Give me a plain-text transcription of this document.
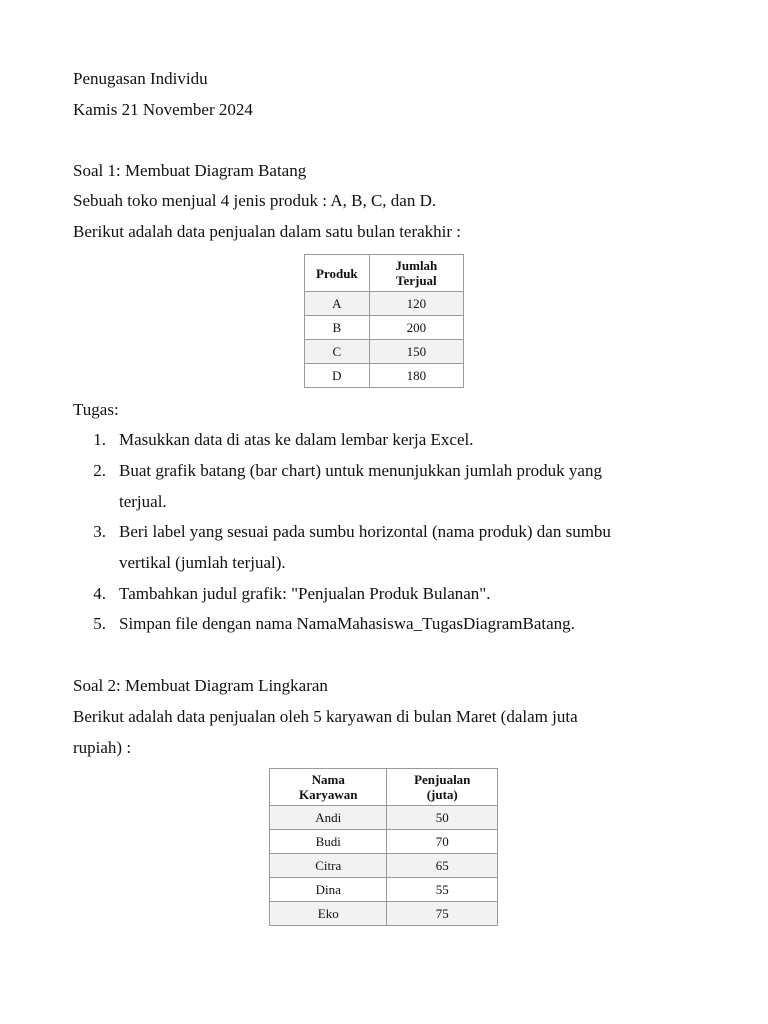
Penugasan Individu
Kamis 21 November 2024
Soal 1: Membuat Diagram Batang
Sebuah toko menjual 4 jenis produk : A, B, C, dan D.
Berikut adalah data penjualan dalam satu bulan terakhir :
Produk	Jumlah
Terjual
A	120
B	200
C	150
D	180
Tugas:
1. Masukkan data di atas ke dalam lembar kerja Excel.
2. Buat grafik batang (bar chart) untuk menunjukkan jumlah produk yang
terjual.
3. Beri label yang sesuai pada sumbu horizontal (nama produk) dan sumbu
vertikal (jumlah terjual).
4. Tambahkan judul grafik: "Penjualan Produk Bulanan".
5. Simpan file dengan nama NamaMahasiswa_TugasDiagramBatang.
Soal 2: Membuat Diagram Lingkaran
Berikut adalah data penjualan oleh 5 karyawan di bulan Maret (dalam juta
rupiah) :
Nama
Karyawan	Penjualan
(juta)
Andi	50
Budi	70
Citra	65
Dina	55
Eko	75
